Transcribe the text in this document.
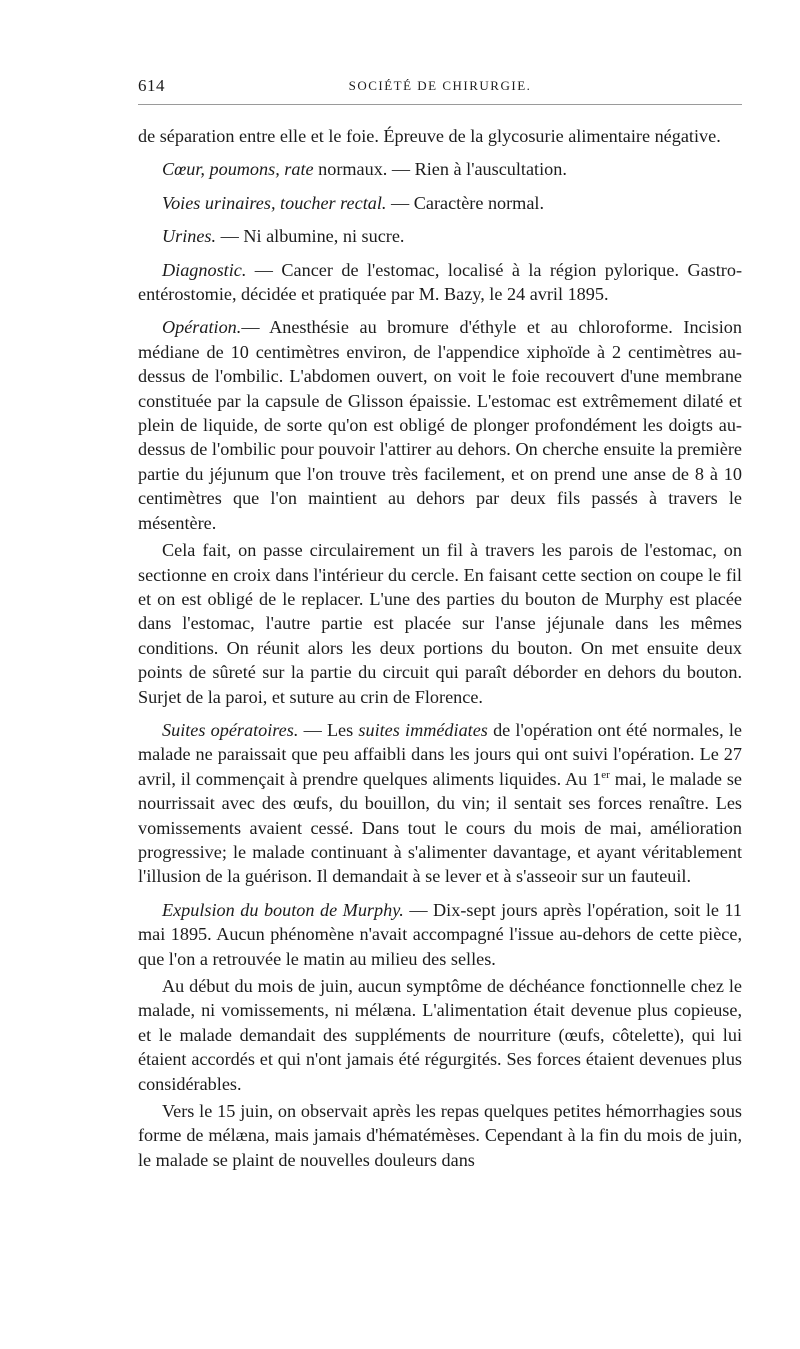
614	SOCIÉTÉ DE CHIRURGIE.

de séparation entre elle et le foie. Épreuve de la glycosurie alimentaire négative.

Cœur, poumons, rate normaux. — Rien à l'auscultation.

Voies urinaires, toucher rectal. — Caractère normal.

Urines. — Ni albumine, ni sucre.

Diagnostic. — Cancer de l'estomac, localisé à la région pylorique. Gastro-entérostomie, décidée et pratiquée par M. Bazy, le 24 avril 1895.

Opération.— Anesthésie au bromure d'éthyle et au chloroforme. Incision médiane de 10 centimètres environ, de l'appendice xiphoïde à 2 centimètres au-dessus de l'ombilic. L'abdomen ouvert, on voit le foie recouvert d'une membrane constituée par la capsule de Glisson épaissie. L'estomac est extrêmement dilaté et plein de liquide, de sorte qu'on est obligé de plonger profondément les doigts au-dessus de l'ombilic pour pouvoir l'attirer au dehors. On cherche ensuite la première partie du jéjunum que l'on trouve très facilement, et on prend une anse de 8 à 10 centimètres que l'on maintient au dehors par deux fils passés à travers le mésentère.

Cela fait, on passe circulairement un fil à travers les parois de l'estomac, on sectionne en croix dans l'intérieur du cercle. En faisant cette section on coupe le fil et on est obligé de le replacer. L'une des parties du bouton de Murphy est placée dans l'estomac, l'autre partie est placée sur l'anse jéjunale dans les mêmes conditions. On réunit alors les deux portions du bouton. On met ensuite deux points de sûreté sur la partie du circuit qui paraît déborder en dehors du bouton. Surjet de la paroi, et suture au crin de Florence.

Suites opératoires. — Les suites immédiates de l'opération ont été normales, le malade ne paraissait que peu affaibli dans les jours qui ont suivi l'opération. Le 27 avril, il commençait à prendre quelques aliments liquides. Au 1er mai, le malade se nourrissait avec des œufs, du bouillon, du vin; il sentait ses forces renaître. Les vomissements avaient cessé. Dans tout le cours du mois de mai, amélioration progressive; le malade continuant à s'alimenter davantage, et ayant véritablement l'illusion de la guérison. Il demandait à se lever et à s'asseoir sur un fauteuil.

Expulsion du bouton de Murphy. — Dix-sept jours après l'opération, soit le 11 mai 1895. Aucun phénomène n'avait accompagné l'issue au-dehors de cette pièce, que l'on a retrouvée le matin au milieu des selles.

Au début du mois de juin, aucun symptôme de déchéance fonctionnelle chez le malade, ni vomissements, ni mélæna. L'alimentation était devenue plus copieuse, et le malade demandait des suppléments de nourriture (œufs, côtelette), qui lui étaient accordés et qui n'ont jamais été régurgités. Ses forces étaient devenues plus considérables.

Vers le 15 juin, on observait après les repas quelques petites hémorrhagies sous forme de mélæna, mais jamais d'hématémèses. Cependant à la fin du mois de juin, le malade se plaint de nouvelles douleurs dans
